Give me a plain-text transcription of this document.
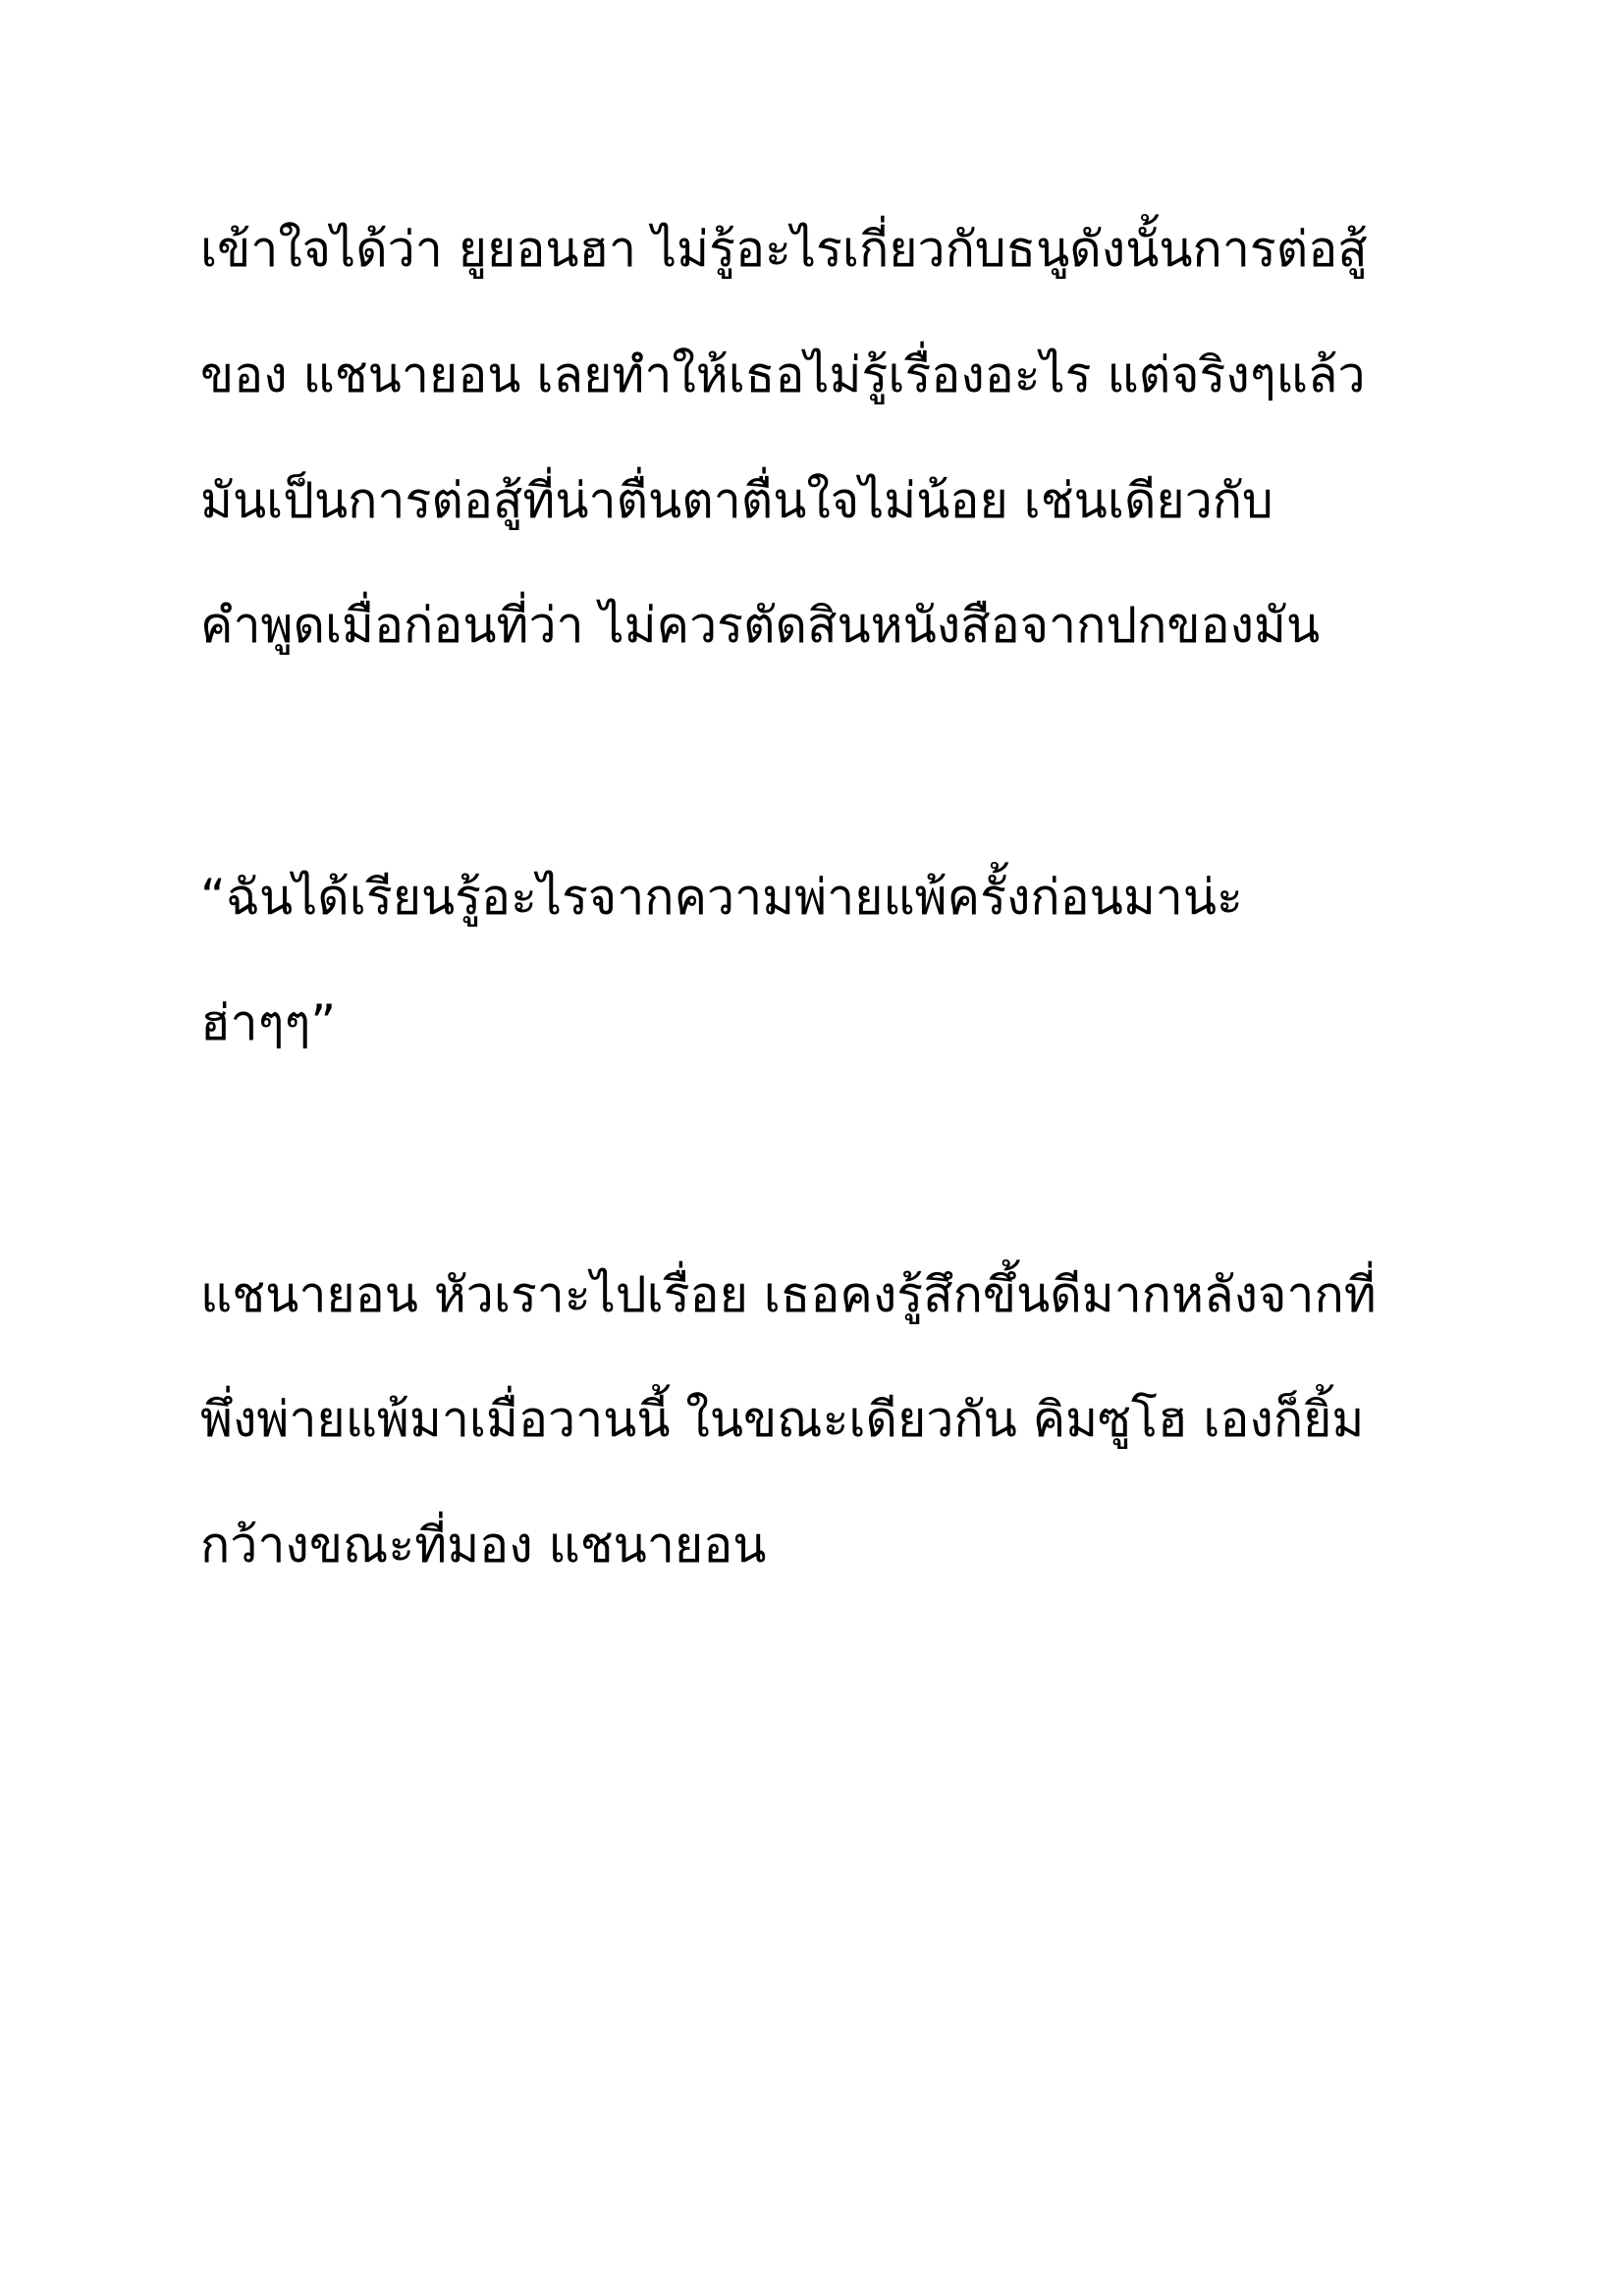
เข้าใจได้ว่า ยูยอนฮา ไม่รู้อะไรเกี่ยวกับธนูดังนั้นการต่อสู้

ของ แชนายอน เลยทำให้เธอไม่รู้เรื่องอะไร แต่จริงๆแล้ว

มันเป็นการต่อสู้ที่น่าตื่นตาตื่นใจไม่น้อย เช่นเดียวกับ

คำพูดเมื่อก่อนที่ว่า ไม่ควรตัดสินหนังสือจากปกของมัน

“ฉันได้เรียนรู้อะไรจากความพ่ายแพ้ครั้งก่อนมาน่ะ

ฮ่าๆๆ”

แชนายอน หัวเราะไปเรื่อย เธอคงรู้สึกขึ้นดีมากหลังจากที่

พึ่งพ่ายแพ้มาเมื่อวานนี้ ในขณะเดียวกัน คิมซูโฮ เองก็ยิ้ม

กว้างขณะที่มอง แชนายอน
